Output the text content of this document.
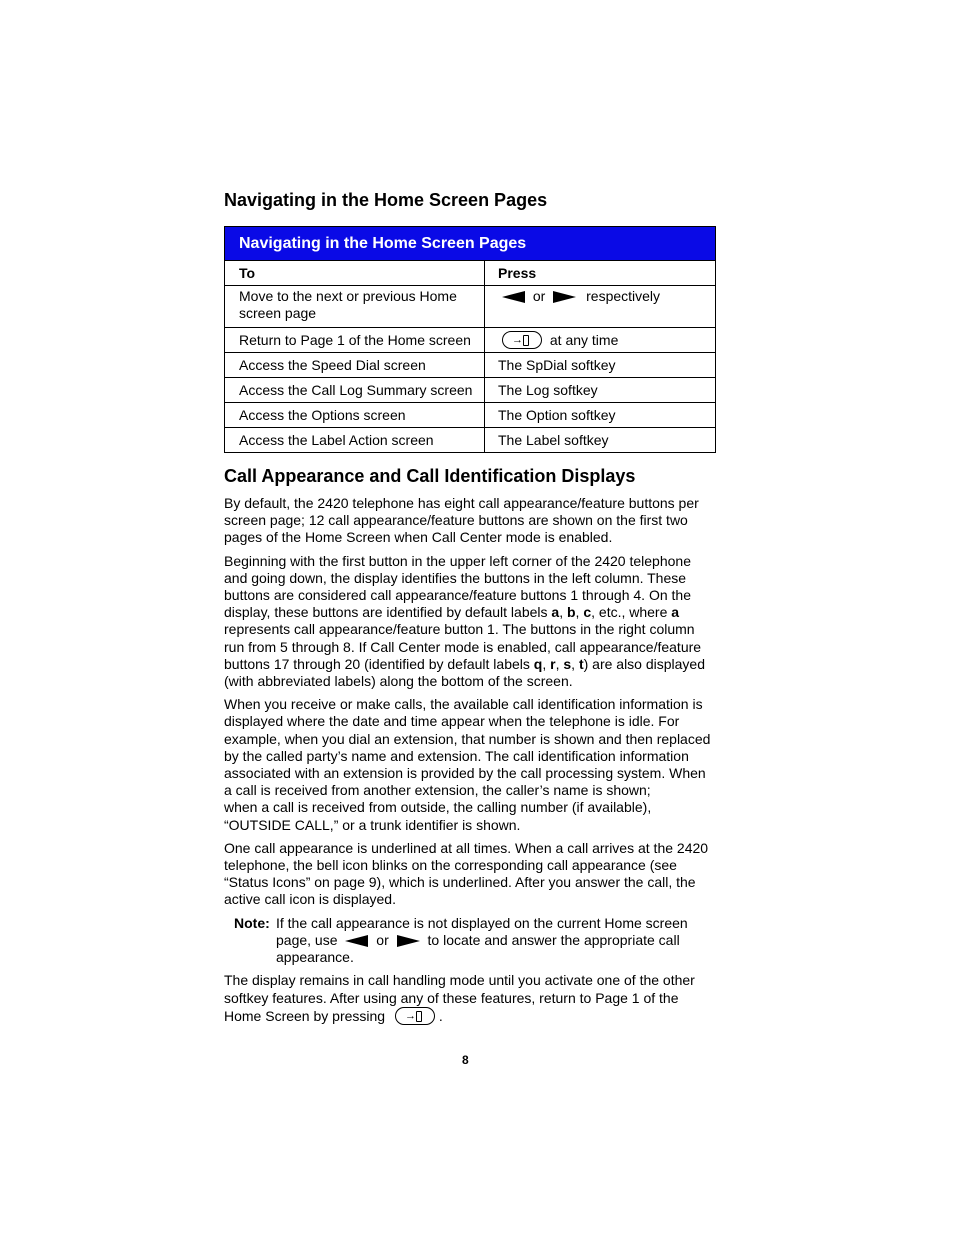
Navigating in the Home Screen Pages
Navigating in the Home Screen Pages	
To	Press
Move to the next or previous Home screen page	or respectively
Return to Page 1 of the Home screen	→ at any time
Access the Speed Dial screen	The SpDial softkey
Access the Call Log Summary screen	The Log softkey
Access the Options screen	The Option softkey
Access the Label Action screen	The Label softkey
Call Appearance and Call Identification Displays

By default, the 2420 telephone has eight call appearance/feature buttons per screen page; 12 call appearance/feature buttons are shown on the first two pages of the Home Screen when Call Center mode is enabled.

Beginning with the first button in the upper left corner of the 2420 telephone and going down, the display identifies the buttons in the left column. These buttons are considered call appearance/feature buttons 1 through 4. On the display, these buttons are identified by default labels a, b, c, etc., where a represents call appearance/feature button 1. The buttons in the right column run from 5 through 8. If Call Center mode is enabled, call appearance/feature buttons 17 through 20 (identified by default labels q, r, s, t) are also displayed (with abbreviated labels) along the bottom of the screen.

When you receive or make calls, the available call identification information is displayed where the date and time appear when the telephone is idle. For example, when you dial an extension, that number is shown and then replaced by the called party’s name and extension. The call identification information associated with an extension is provided by the call processing system. When a call is received from another extension, the caller’s name is shown;
when a call is received from outside, the calling number (if available), “OUTSIDE CALL,” or a trunk identifier is shown.

One call appearance is underlined at all times. When a call arrives at the 2420 telephone, the bell icon blinks on the corresponding call appearance (see “Status Icons” on page 9), which is underlined. After you answer the call, the active call icon is displayed.

Note: If the call appearance is not displayed on the current Home screen page, use	or	to locate and answer the appropriate call appearance.

The display remains in call handling mode until you activate one of the other softkey features. After using any of these features, return to Page 1 of the Home Screen by pressing → .

8
